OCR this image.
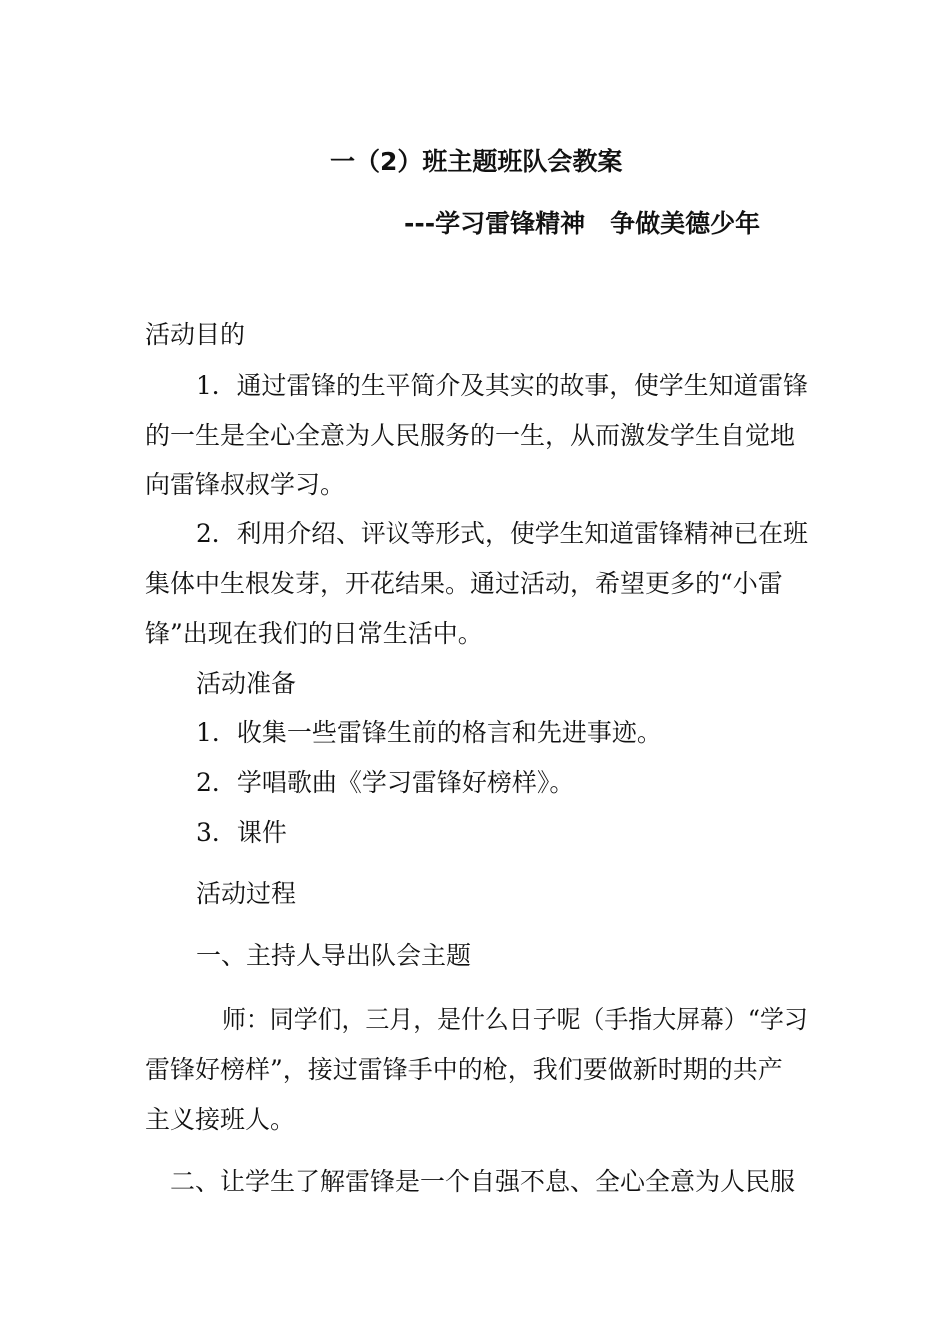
一（2）班主题班队会教案
---学习雷锋精神　争做美德少年
活动目的
1．通过雷锋的生平简介及其实的故事，使学生知道雷锋
的一生是全心全意为人民服务的一生，从而激发学生自觉地
向雷锋叔叔学习。
2．利用介绍、评议等形式，使学生知道雷锋精神已在班
集体中生根发芽，开花结果。通过活动，希望更多的“小雷
锋”出现在我们的日常生活中。
活动准备
1．收集一些雷锋生前的格言和先进事迹。
2．学唱歌曲《学习雷锋好榜样》。
3．课件
活动过程
一、主持人导出队会主题
师：同学们，三月，是什么日子呢（手指大屏幕）“学习
雷锋好榜样”，接过雷锋手中的枪，我们要做新时期的共产
主义接班人。
二、让学生了解雷锋是一个自强不息、全心全意为人民服
